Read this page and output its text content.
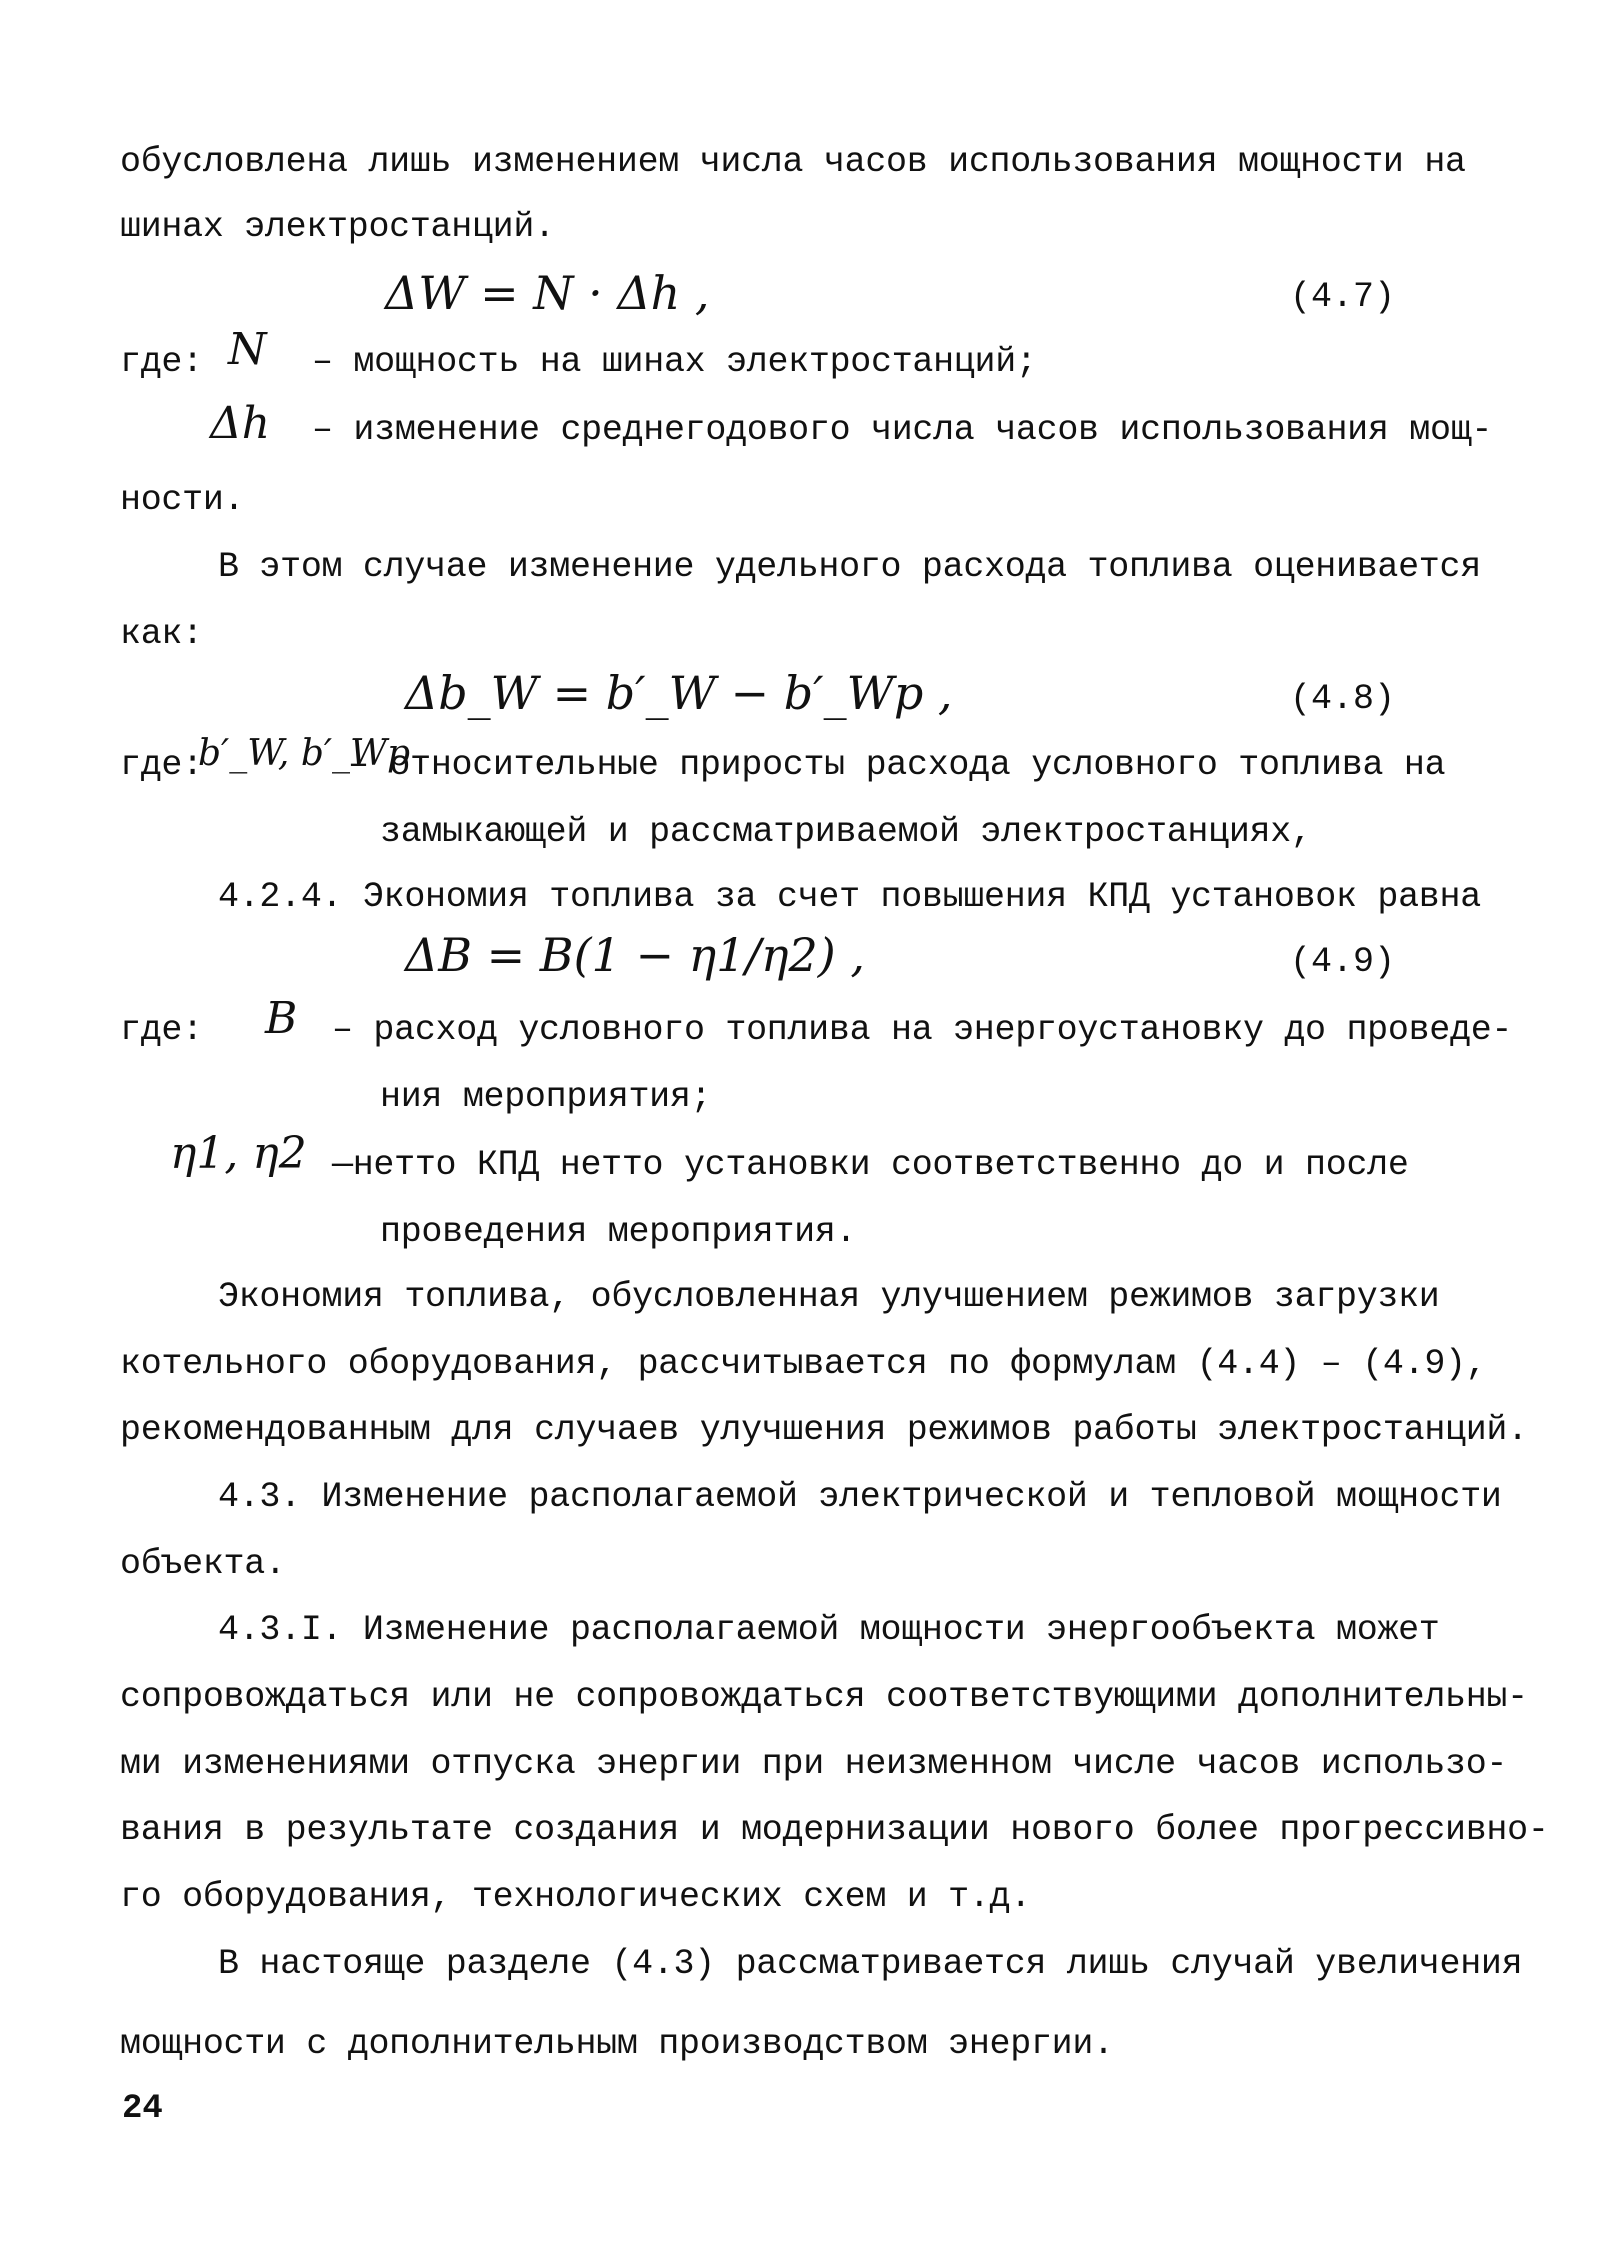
обусловлена лишь изменением числа часов использования мощности на
шинах электростанций.
ΔW = N · Δh ,	(4.7)
где: N – мощность на шинах электростанций;
Δh – изменение среднегодового числа часов использования мощ-
ности.
В этом случае изменение удельного расхода топлива оценивается
как:
Δb_W = b′_W − b′_Wp ,	(4.8)
где:
b′_W, b′_Wp
– относительные приросты расхода условного топлива на
замыкающей и рассматриваемой электростанциях,
4.2.4. Экономия топлива за счет повышения КПД установок равна
ΔB = B(1 − η1/η2) ,	(4.9)
где: B – расход условного топлива на энергоустановку до проведе-
ния мероприятия;
η1, η2 —нетто КПД нетто установки соответственно до и после
проведения мероприятия.
Экономия топлива, обусловленная улучшением режимов загрузки
котельного оборудования, рассчитывается по формулам (4.4) – (4.9),
рекомендованным для случаев улучшения режимов работы электростанций.
4.3. Изменение располагаемой электрической и тепловой мощности
объекта.
4.3.I. Изменение располагаемой мощности энергообъекта может
сопровождаться или не сопровождаться соответствующими дополнительны-
ми изменениями отпуска энергии при неизменном числе часов использо-
вания в результате создания и модернизации нового более прогрессивно-
го оборудования, технологических схем и т.д.
В настояще разделе (4.3) рассматривается лишь случай увеличения
мощности с дополнительным производством энергии.
24
